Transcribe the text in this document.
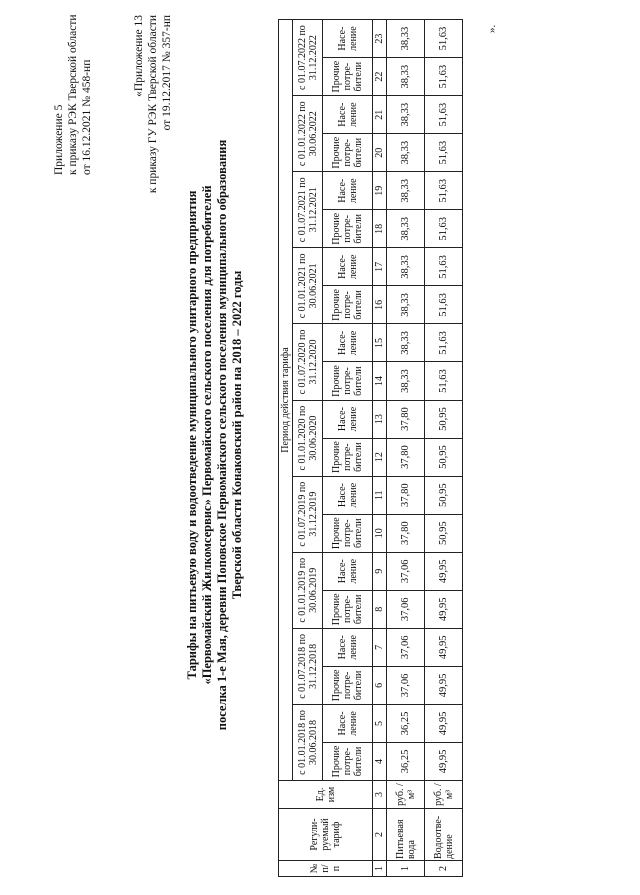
Приложение 5 к приказу РЭК Тверской области от 16.12.2021 № 458-нп
«Приложение 13 к приказу ГУ РЭК Тверской области от 19.12.2017 № 357-нп
Тарифы на питьевую воду и водоотведение муниципального унитарного предприятия «Первомайский Жилкомсервис» Первомайского сельского поселения для потребителей поселка 1-е Мая, деревни Поповское Первомайского сельского поселения муниципального образования Тверской области Конаковский район на 2018 – 2022 годы
№ п/п	Регули-руемый тариф	Ед. изм	Период действия тарифа																			
			с 01.01.2018 по 30.06.2018		с 01.07.2018 по 31.12.2018		с 01.01.2019 по 30.06.2019		с 01.07.2019 по 31.12.2019		с 01.01.2020 по 30.06.2020		с 01.07.2020 по 31.12.2020		с 01.01.2021 по 30.06.2021		с 01.07.2021 по 31.12.2021		с 01.01.2022 по 30.06.2022		с 01.07.2022 по 31.12.2022	
			Прочие потре-бители	Насе-ление	Прочие потре-бители	Насе-ление	Прочие потре-бители	Насе-ление	Прочие потре-бители	Насе-ление	Прочие потре-бители	Насе-ление	Прочие потре-бители	Насе-ление	Прочие потре-бители	Насе-ление	Прочие потре-бители	Насе-ление	Прочие потре-бители	Насе-ление	Прочие потре-бители	Насе-ление
1	2	3	4	5	6	7	8	9	10	11	12	13	14	15	16	17	18	19	20	21	22	23
1	Питьевая вода	руб. /м³	36,25	36,25	37,06	37,06	37,06	37,06	37,80	37,80	37,80	37,80	38,33	38,33	38,33	38,33	38,33	38,33	38,33	38,33	38,33	38,33
2	Водоотве-дение	руб. /м³	49,95	49,95	49,95	49,95	49,95	49,95	50,95	50,95	50,95	50,95	51,63	51,63	51,63	51,63	51,63	51,63	51,63	51,63	51,63	51,63	».
